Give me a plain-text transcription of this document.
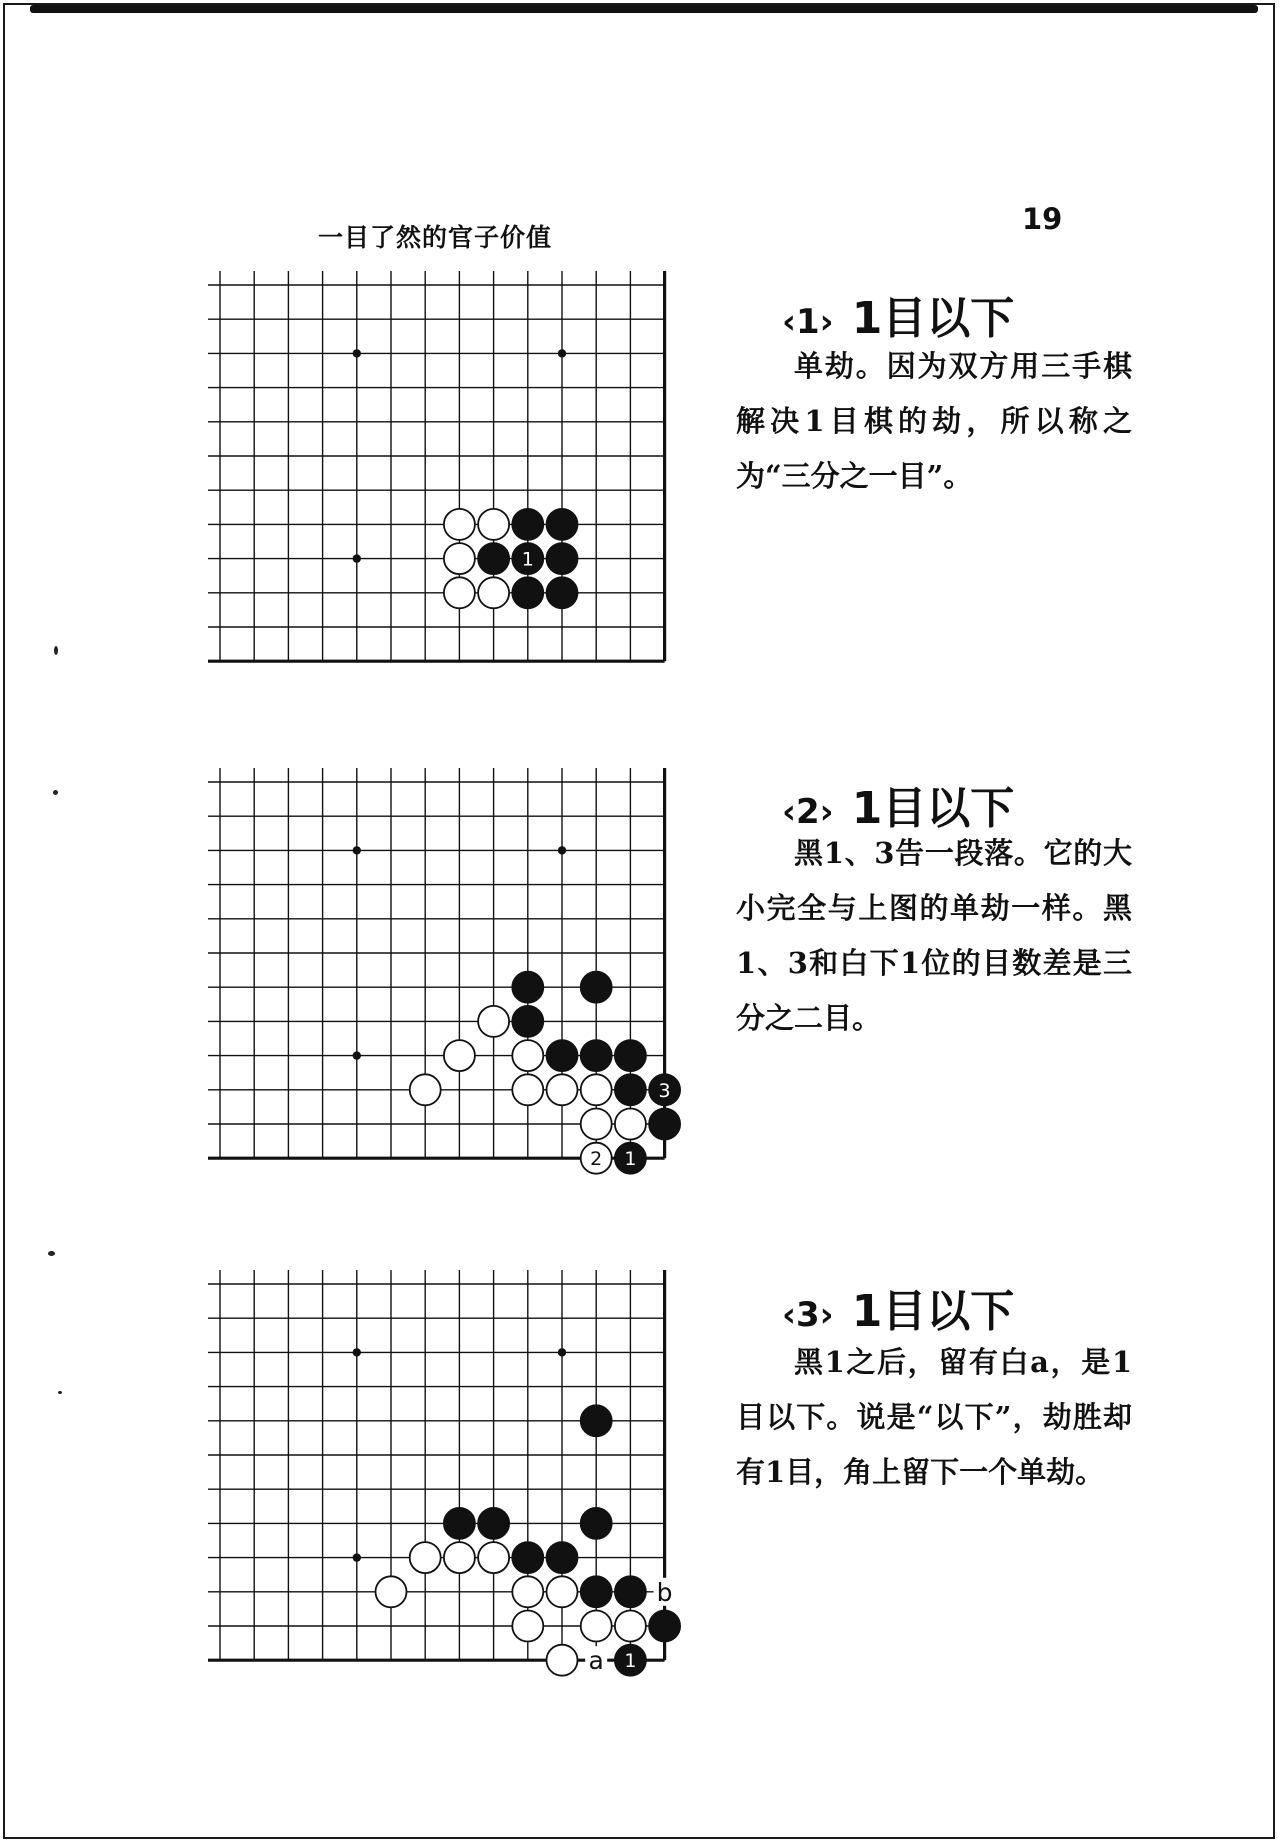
一目了然的官子价值
19
1
‹1› 1目以下
单劫。因为双方用三手棋解决1目棋的劫，所以称之为“三分之一目”。
3
2 1
‹2› 1目以下
黑1、3告一段落。它的大小完全与上图的单劫一样。黑1、3和白下1位的目数差是三分之二目。
b
a 1
‹3› 1目以下
黑1之后，留有白a，是1目以下。说是“以下”，劫胜却有1目，角上留下一个单劫。
